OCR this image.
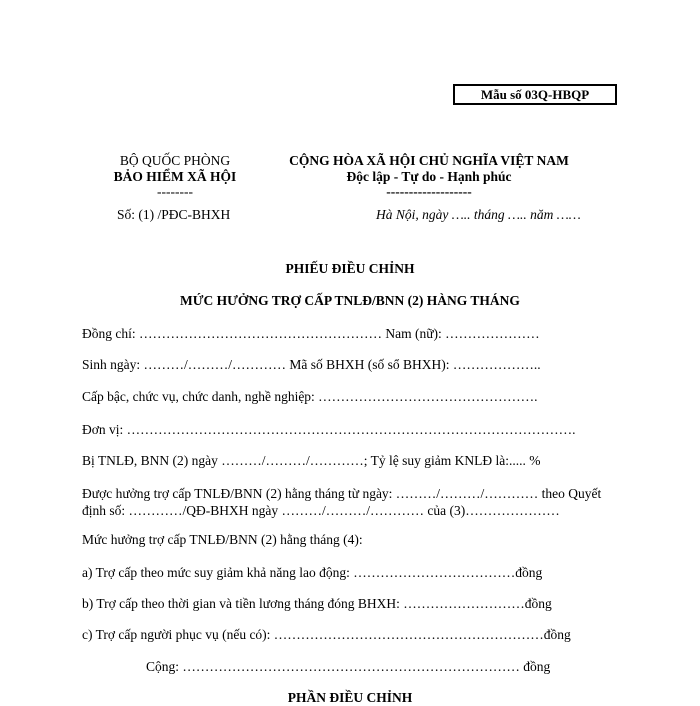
Mẫu số 03Q-HBQP
BỘ QUỐC PHÒNG
BẢO HIỂM XÃ HỘI
--------
Số: (1) /PĐC-BHXH
CỘNG HÒA XÃ HỘI CHỦ NGHĨA VIỆT NAM
Độc lập - Tự do - Hạnh phúc
-------------------
Hà Nội, ngày ….. tháng ….. năm ……
PHIẾU ĐIỀU CHỈNH
MỨC HƯỞNG TRỢ CẤP TNLĐ/BNN (2) HÀNG THÁNG
Đồng chí: ……………………………………………… Nam (nữ): …………………
Sinh ngày: ………/………/………… Mã số BHXH (số sổ BHXH): ………………..
Cấp bậc, chức vụ, chức danh, nghề nghiệp: ………………………………………….
Đơn vị: ……………………………………………………………………………………….
Bị TNLĐ, BNN (2) ngày ………/………/…………; Tỷ lệ suy giảm KNLĐ là:..... %
Được hưởng trợ cấp TNLĐ/BNN (2) hằng tháng từ ngày: ………/………/………… theo Quyết định số: …………/QĐ-BHXH ngày ………/………/………… của (3)…………………
Mức hưởng trợ cấp TNLĐ/BNN (2) hằng tháng (4):
a) Trợ cấp theo mức suy giảm khả năng lao động: ………………………………đồng
b) Trợ cấp theo thời gian và tiền lương tháng đóng BHXH: ………………………đồng
c) Trợ cấp người phục vụ (nếu có): ……………………………………………………đồng
Cộng: ………………………………………………………………… đồng
PHẦN ĐIỀU CHỈNH
